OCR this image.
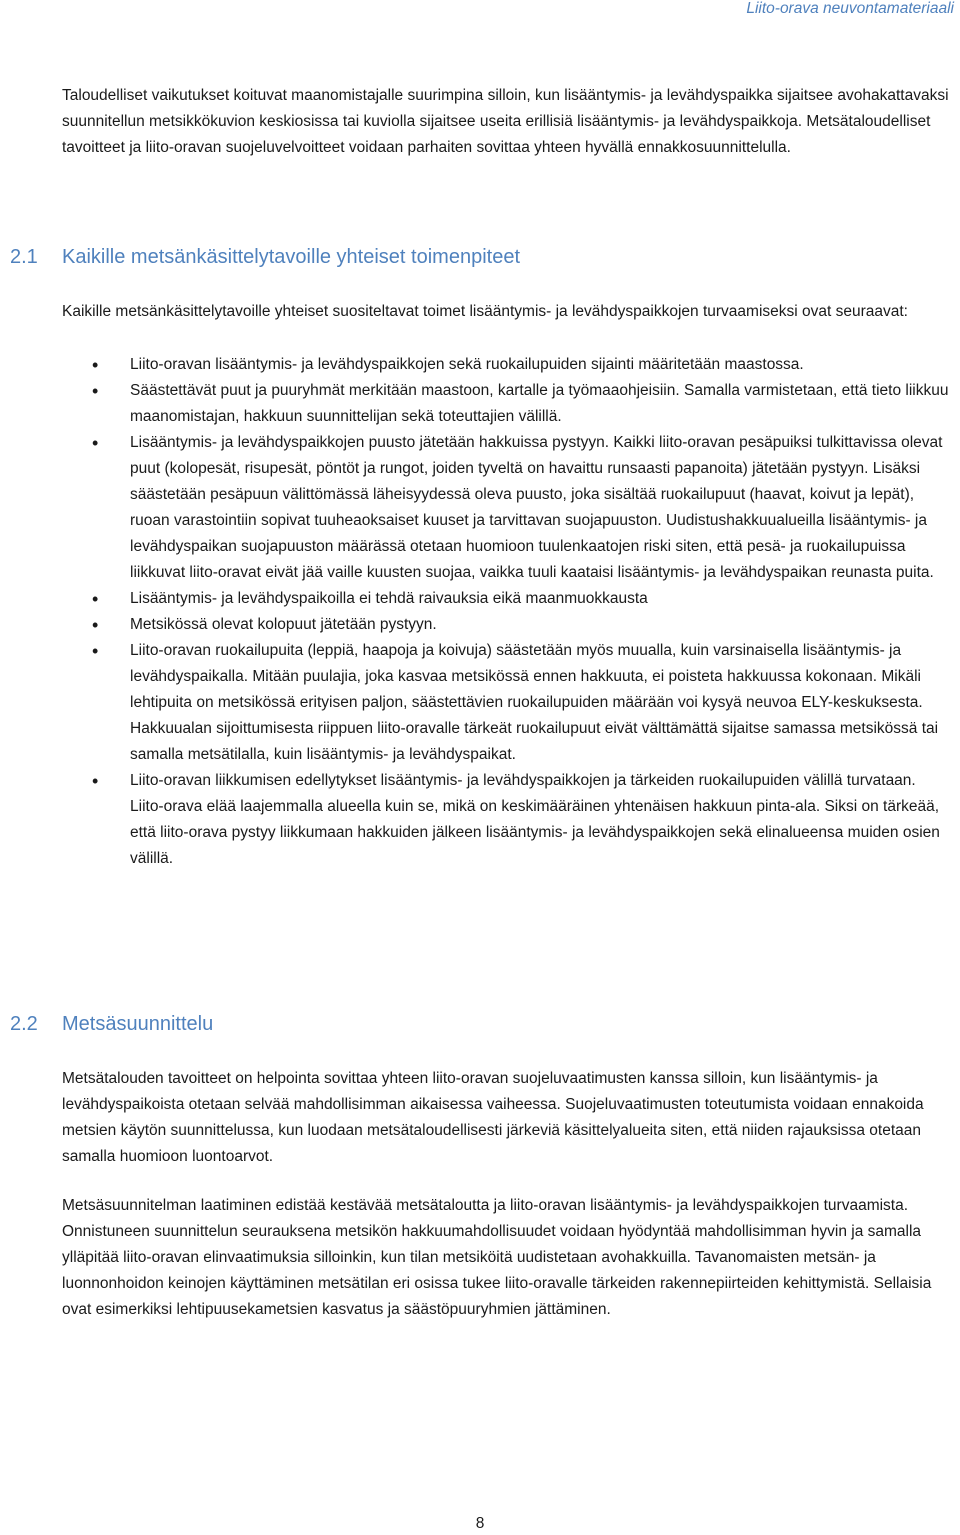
Liito-orava neuvontamateriaali

Taloudelliset vaikutukset koituvat maanomistajalle suurimpina silloin, kun lisääntymis- ja levähdyspaikka sijaitsee avohakattavaksi suunnitellun metsikkökuvion keskiosissa tai kuviolla sijaitsee useita erillisiä lisääntymis- ja levähdyspaikkoja. Metsätaloudelliset tavoitteet ja liito-oravan suojeluvelvoitteet voidaan parhaiten sovittaa yhteen hyvällä ennakkosuunnittelulla.

2.1 Kaikille metsänkäsittelytavoille yhteiset toimenpiteet

Kaikille metsänkäsittelytavoille yhteiset suositeltavat toimet lisääntymis- ja levähdyspaikkojen turvaamiseksi ovat seuraavat:

• Liito-oravan lisääntymis- ja levähdyspaikkojen sekä ruokailupuiden sijainti määritetään maastossa.
• Säästettävät puut ja puuryhmät merkitään maastoon, kartalle ja työmaaohjeisiin. Samalla varmistetaan, että tieto liikkuu maanomistajan, hakkuun suunnittelijan sekä toteuttajien välillä.
• Lisääntymis- ja levähdyspaikkojen puusto jätetään hakkuissa pystyyn. Kaikki liito-oravan pesäpuiksi tulkittavissa olevat puut (kolopesät, risupesät, pöntöt ja rungot, joiden tyveltä on havaittu runsaasti papanoita) jätetään pystyyn. Lisäksi säästetään pesäpuun välittömässä läheisyydessä oleva puusto, joka sisältää ruokailupuut (haavat, koivut ja lepät), ruoan varastointiin sopivat tuuheaoksaiset kuuset ja tarvittavan suojapuuston. Uudistushakkuualueilla lisääntymis- ja levähdyspaikan suojapuuston määrässä otetaan huomioon tuulenkaatojen riski siten, että pesä- ja ruokailupuissa liikkuvat liito-oravat eivät jää vaille kuusten suojaa, vaikka tuuli kaataisi lisääntymis- ja levähdyspaikan reunasta puita.
• Lisääntymis- ja levähdyspaikoilla ei tehdä raivauksia eikä maanmuokkausta
• Metsikössä olevat kolopuut jätetään pystyyn.
• Liito-oravan ruokailupuita (leppiä, haapoja ja koivuja) säästetään myös muualla, kuin varsinaisella lisääntymis- ja levähdyspaikalla. Mitään puulajia, joka kasvaa metsikössä ennen hakkuuta, ei poisteta hakkuussa kokonaan. Mikäli lehtipuita on metsikössä erityisen paljon, säästettävien ruokailupuiden määrään voi kysyä neuvoa ELY-keskuksesta. Hakkuualan sijoittumisesta riippuen liito-oravalle tärkeät ruokailupuut eivät välttämättä sijaitse samassa metsikössä tai samalla metsätilalla, kuin lisääntymis- ja levähdyspaikat.
• Liito-oravan liikkumisen edellytykset lisääntymis- ja levähdyspaikkojen ja tärkeiden ruokailupuiden välillä turvataan. Liito-orava elää laajemmalla alueella kuin se, mikä on keskimääräinen yhtenäisen hakkuun pinta-ala. Siksi on tärkeää, että liito-orava pystyy liikkumaan hakkuiden jälkeen lisääntymis- ja levähdyspaikkojen sekä elinalueensa muiden osien välillä.
2.2 Metsäsuunnittelu

Metsätalouden tavoitteet on helpointa sovittaa yhteen liito-oravan suojeluvaatimusten kanssa silloin, kun lisääntymis- ja levähdyspaikoista otetaan selvää mahdollisimman aikaisessa vaiheessa. Suojeluvaatimusten toteutumista voidaan ennakoida metsien käytön suunnittelussa, kun luodaan metsätaloudellisesti järkeviä käsittelyalueita siten, että niiden rajauksissa otetaan samalla huomioon luontoarvot.

Metsäsuunnitelman laatiminen edistää kestävää metsätaloutta ja liito-oravan lisääntymis- ja levähdyspaikkojen turvaamista. Onnistuneen suunnittelun seurauksena metsikön hakkuumahdollisuudet voidaan hyödyntää mahdollisimman hyvin ja samalla ylläpitää liito-oravan elinvaatimuksia silloinkin, kun tilan metsiköitä uudistetaan avohakkuilla. Tavanomaisten metsän- ja luonnonhoidon keinojen käyttäminen metsätilan eri osissa tukee liito-oravalle tärkeiden rakennepiirteiden kehittymistä. Sellaisia ovat esimerkiksi lehtipuusekametsien kasvatus ja säästöpuuryhmien jättäminen.

8
